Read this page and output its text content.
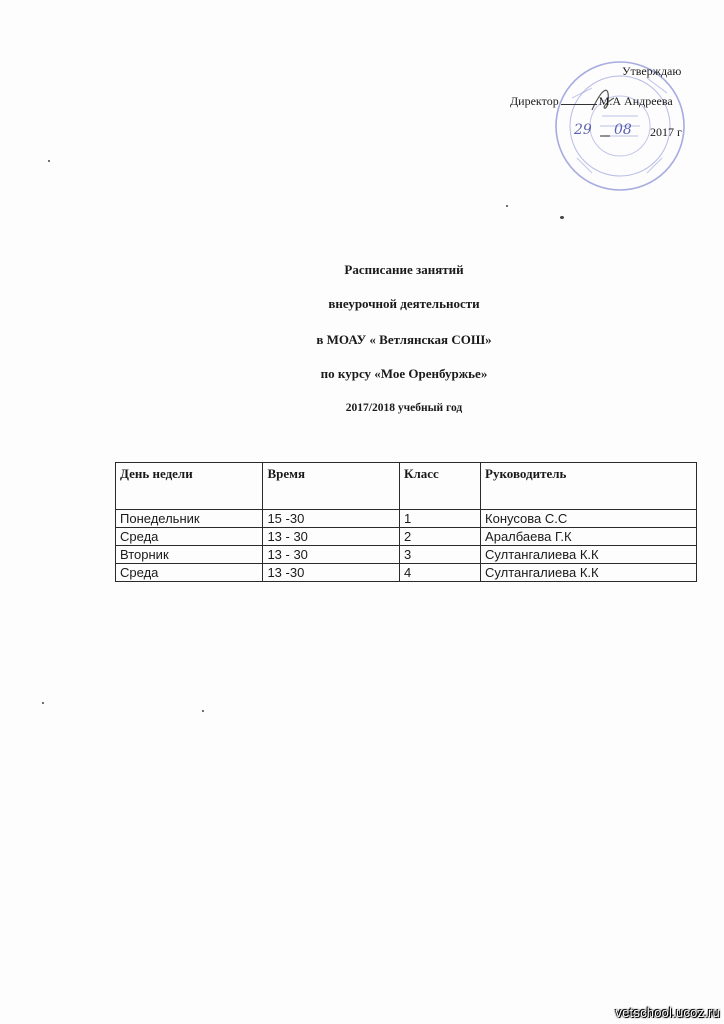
Утверждаю
Директор	М.А Андреева
2017 г
29 08
Расписание занятий
внеурочной деятельности
в МОАУ « Ветлянская СОШ»
по курсу «Мое Оренбуржье»
2017/2018 учебный год
День недели	Время	Класс	Руководитель
Понедельник	15 -30	1	Конусова С.С
Среда	13 - 30	2	Аралбаева Г.К
Вторник	13 - 30	3	Султангалиева К.К
Среда	13 -30	4	Султангалиева К.К
vetschool.ucoz.ru
